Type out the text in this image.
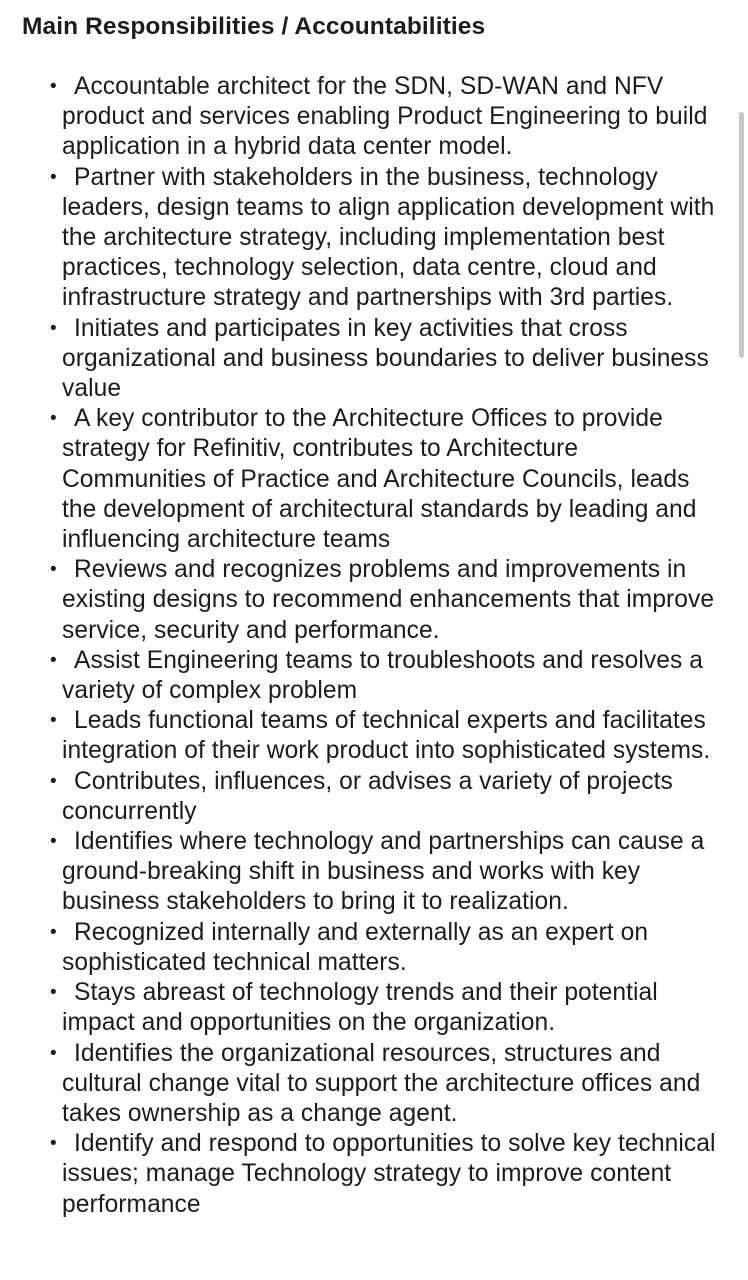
Main Responsibilities / Accountabilities
• Accountable architect for the SDN, SD-WAN and NFV product and services enabling Product Engineering to build application in a hybrid data center model.
• Partner with stakeholders in the business, technology leaders, design teams to align application development with the architecture strategy, including implementation best practices, technology selection, data centre, cloud and infrastructure strategy and partnerships with 3rd parties.
• Initiates and participates in key activities that cross organizational and business boundaries to deliver business value
• A key contributor to the Architecture Offices to provide strategy for Refinitiv, contributes to Architecture Communities of Practice and Architecture Councils, leads the development of architectural standards by leading and influencing architecture teams
• Reviews and recognizes problems and improvements in existing designs to recommend enhancements that improve service, security and performance.
• Assist Engineering teams to troubleshoots and resolves a variety of complex problem
• Leads functional teams of technical experts and facilitates integration of their work product into sophisticated systems.
• Contributes, influences, or advises a variety of projects concurrently
• Identifies where technology and partnerships can cause a ground-breaking shift in business and works with key business stakeholders to bring it to realization.
• Recognized internally and externally as an expert on sophisticated technical matters.
• Stays abreast of technology trends and their potential impact and opportunities on the organization.
• Identifies the organizational resources, structures and cultural change vital to support the architecture offices and takes ownership as a change agent.
• Identify and respond to opportunities to solve key technical issues; manage Technology strategy to improve content performance
